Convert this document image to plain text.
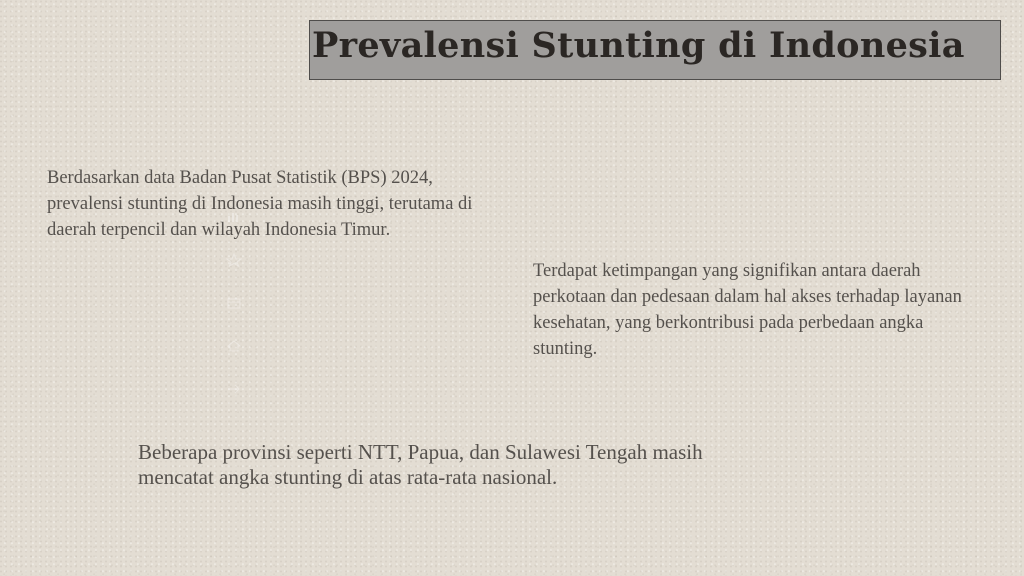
Prevalensi Stunting di Indonesia

Berdasarkan data Badan Pusat Statistik (BPS) 2024, prevalensi stunting di Indonesia masih tinggi, terutama di daerah terpencil dan wilayah Indonesia Timur.

Terdapat ketimpangan yang signifikan antara daerah perkotaan dan pedesaan dalam hal akses terhadap layanan kesehatan, yang berkontribusi pada perbedaan angka stunting.

Beberapa provinsi seperti NTT, Papua, dan Sulawesi Tengah masih mencatat angka stunting di atas rata-rata nasional.
